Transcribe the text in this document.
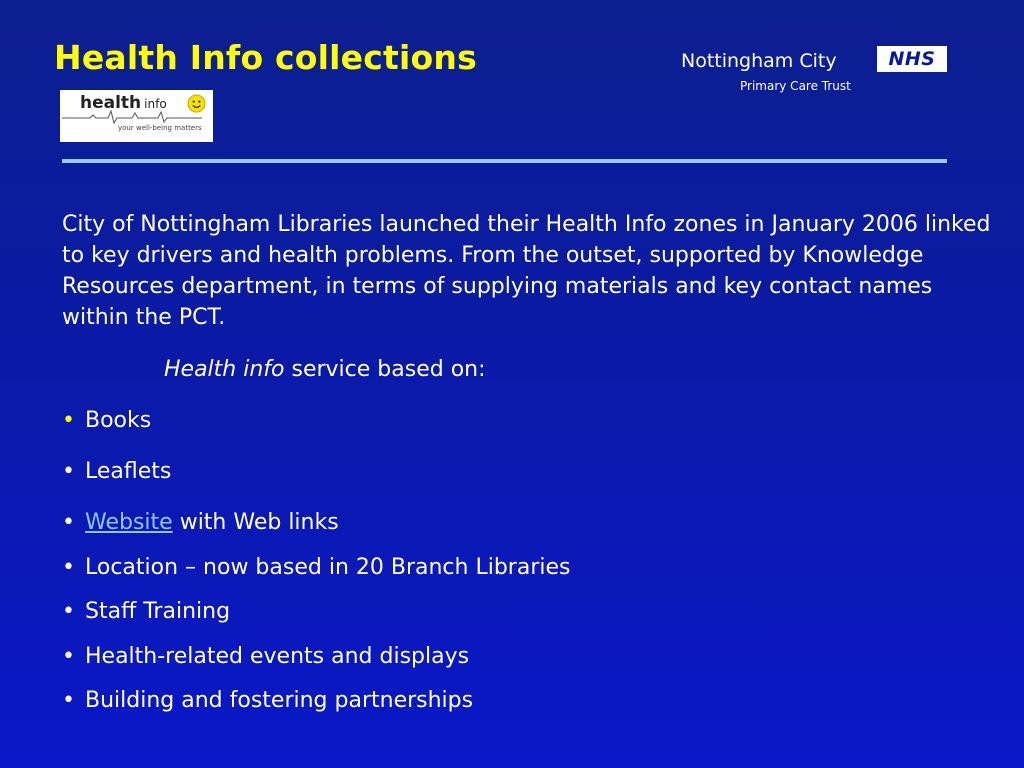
Health Info collections
health info
your well-being matters
Nottingham City
Primary Care Trust
NHS

City of Nottingham Libraries launched their Health Info zones in January 2006 linked to key drivers and health problems. From the outset, supported by Knowledge Resources department, in terms of supplying materials and key contact names within the PCT.

Health info service based on:
• Books
• Leaflets
• Website with Web links
• Location – now based in 20 Branch Libraries
• Staff Training
• Health-related events and displays
• Building and fostering partnerships
